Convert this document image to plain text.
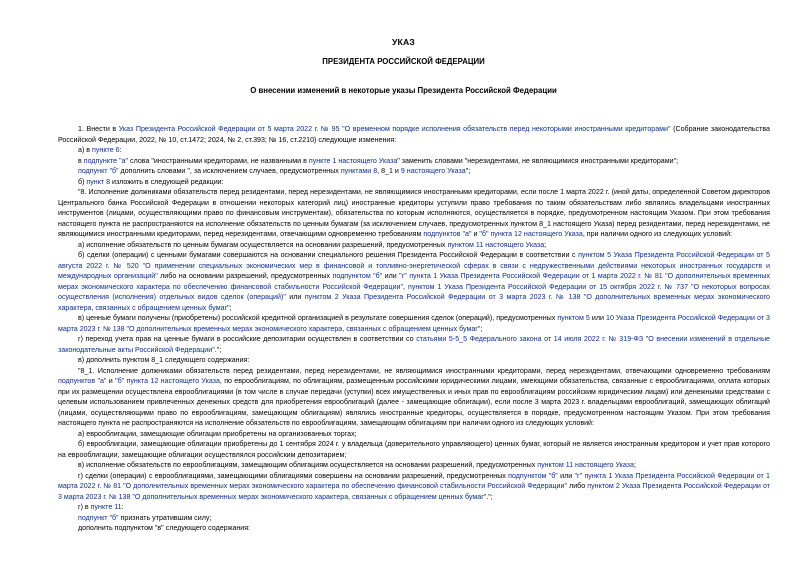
УКАЗ
ПРЕЗИДЕНТА РОССИЙСКОЙ ФЕДЕРАЦИИ
О внесении изменений в некоторые указы Президента Российской Федерации

1. Внести в Указ Президента Российской Федерации от 5 марта 2022 г. № 95 "О временном порядке исполнения обязательств перед некоторыми иностранными кредиторами" (Собрание законодательства Российской Федерации, 2022, № 10, ст.1472; 2024, № 2, ст.393; № 16, ст.2210) следующие изменения:

а) в пункте 6:

в подпункте "а" слова "иностранными кредиторами, не названными в пункте 1 настоящего Указа" заменить словами "нерезидентами, не являющимися иностранными кредиторами";

подпункт "б" дополнить словами ", за исключением случаев, предусмотренных пунктами 8, 8_1 и 9 настоящего Указа";

б) пункт 8 изложить в следующей редакции:

"8. Исполнение должниками обязательств перед резидентами, перед нерезидентами, не являющимися иностранными кредиторами, если после 1 марта 2022 г. (иной даты, определенной Советом директоров Центрального банка Российской Федерации в отношении некоторых категорий лиц) иностранные кредиторы уступили право требования по таким обязательствам либо являлись владельцами иностранных инструментов (лицами, осуществляющими право по финансовым инструментам), обязательства по которым исполняются, осуществляется в порядке, предусмотренном настоящим Указом. При этом требования настоящего пункта не распространяются на исполнение обязательств по ценным бумагам (за исключением случаев, предусмотренных пунктом 8_1 настоящего Указа) перед резидентами, перед нерезидентами, не являющимися иностранными кредиторами, перед нерезидентами, отвечающими одновременно требованиям подпунктов "а" и "б" пункта 12 настоящего Указа, при наличии одного из следующих условий:

а) исполнение обязательств по ценным бумагам осуществляется на основании разрешений, предусмотренных пунктом 11 настоящего Указа;

б) сделки (операции) с ценными бумагами совершаются на основании специального решения Президента Российской Федерации в соответствии с пунктом 5 Указа Президента Российской Федерации от 5 августа 2022 г. № 520 "О применении специальных экономических мер в финансовой и топливно-энергетической сферах в связи с недружественными действиями некоторых иностранных государств и международных организаций" либо на основании разрешений, предусмотренных подпунктом "б" или "г" пункта 1 Указа Президента Российской Федерации от 1 марта 2022 г. № 81 "О дополнительных временных мерах экономического характера по обеспечению финансовой стабильности Российской Федерации", пунктом 1 Указа Президента Российской Федерации от 15 октября 2022 г. № 737 "О некоторых вопросах осуществления (исполнения) отдельных видов сделок (операций)" или пунктом 2 Указа Президента Российской Федерации от 3 марта 2023 г. № 138 "О дополнительных временных мерах экономического характера, связанных с обращением ценных бумаг";

в) ценные бумаги получены (приобретены) российской кредитной организацией в результате совершения сделок (операций), предусмотренных пунктом 5 или 10 Указа Президента Российской Федерации от 3 марта 2023 г. № 138 "О дополнительных временных мерах экономического характера, связанных с обращением ценных бумаг";

г) переход учета прав на ценные бумаги в российские депозитарии осуществлен в соответствии со статьями 5-5_5 Федерального закона от 14 июля 2022 г. № 319-ФЗ "О внесении изменений в отдельные законодательные акты Российской Федерации".";

в) дополнить пунктом 8_1 следующего содержания:

"8_1. Исполнение должниками обязательств перед резидентами, перед нерезидентами, не являющимися иностранными кредиторами, перед нерезидентами, отвечающими одновременно требованиям подпунктов "а" и "б" пункта 12 настоящего Указа, по еврооблигациям, по облигациям, размещенным российскими юридическими лицами, имеющими обязательства, связанные с еврооблигациями, оплата которых при их размещении осуществлена еврооблигациями (в том числе в случае передачи (уступки) всех имущественных и иных прав по еврооблигациям российским юридическим лицам) или денежными средствами с целевым использованием привлеченных денежных средств для приобретения еврооблигаций (далее - замещающие облигации), если после 3 марта 2023 г. владельцами еврооблигаций, замещающих облигаций (лицами, осуществляющими право по еврооблигациям, замещающим облигациям) являлись иностранные кредиторы, осуществляется в порядке, предусмотренном настоящим Указом. При этом требования настоящего пункта не распространяются на исполнение обязательств по еврооблигациям, замещающим облигациям при наличии одного из следующих условий:

а) еврооблигации, замещающие облигации приобретены на организованных торгах;

б) еврооблигации, замещающие облигации приобретены до 1 сентября 2024 г. у владельца (доверительного управляющего) ценных бумаг, который не является иностранным кредитором и учет прав которого на еврооблигации, замещающие облигации осуществлялся российским депозитарием;

в) исполнение обязательств по еврооблигациям, замещающим облигациям осуществляется на основании разрешений, предусмотренных пунктом 11 настоящего Указа;

г) сделки (операции) с еврооблигациями, замещающими облигациями совершены на основании разрешений, предусмотренных подпунктом "б" или "г" пункта 1 Указа Президента Российской Федерации от 1 марта 2022 г. № 81 "О дополнительных временных мерах экономического характера по обеспечению финансовой стабильности Российской Федерации" либо пунктом 2 Указа Президента Российской Федерации от 3 марта 2023 г. № 138 "О дополнительных временных мерах экономического характера, связанных с обращением ценных бумаг".";

г) в пункте 11:

подпункт "б" признать утратившим силу;

дополнить подпунктом "в" следующего содержания:
